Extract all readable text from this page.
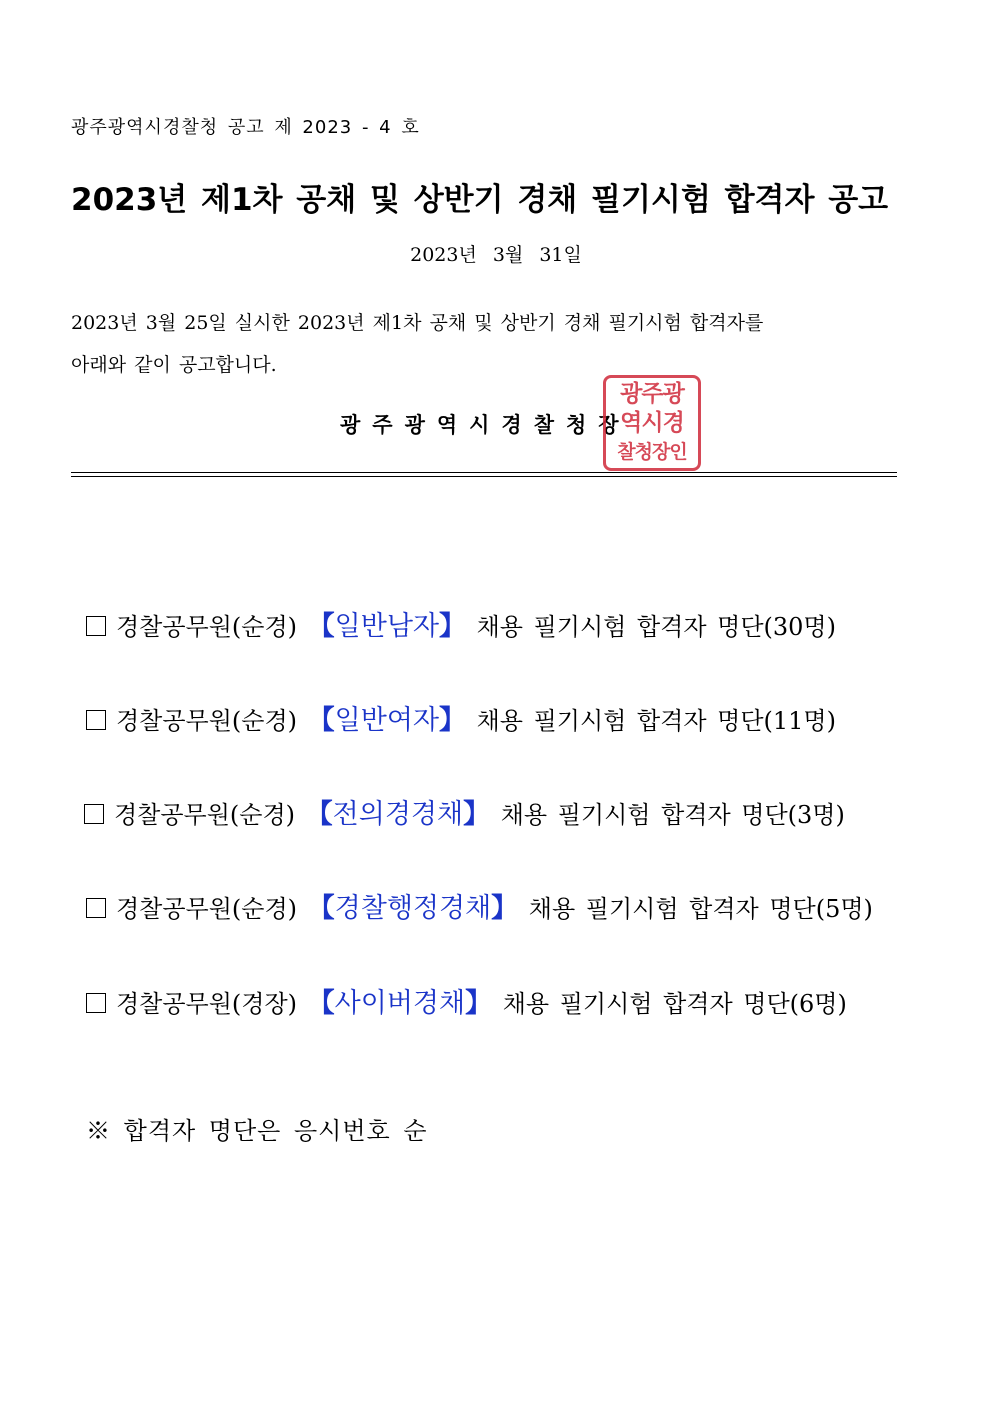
광주광역시경찰청 공고 제 2023 - 4 호
2023년 제1차 공채 및 상반기 경채 필기시험 합격자 공고
2023년 3월 31일
2023년 3월 25일 실시한 2023년 제1차 공채 및 상반기 경채 필기시험 합격자를
아래와 같이 공고합니다.
광주광역시경찰청장
광주광
역시경
찰청장인
경찰공무원(순경) 【일반남자】 채용 필기시험 합격자 명단(30명)
경찰공무원(순경) 【일반여자】 채용 필기시험 합격자 명단(11명)
경찰공무원(순경) 【전의경경채】 채용 필기시험 합격자 명단(3명)
경찰공무원(순경) 【경찰행정경채】 채용 필기시험 합격자 명단(5명)
경찰공무원(경장) 【사이버경채】 채용 필기시험 합격자 명단(6명)
※ 합격자 명단은 응시번호 순
